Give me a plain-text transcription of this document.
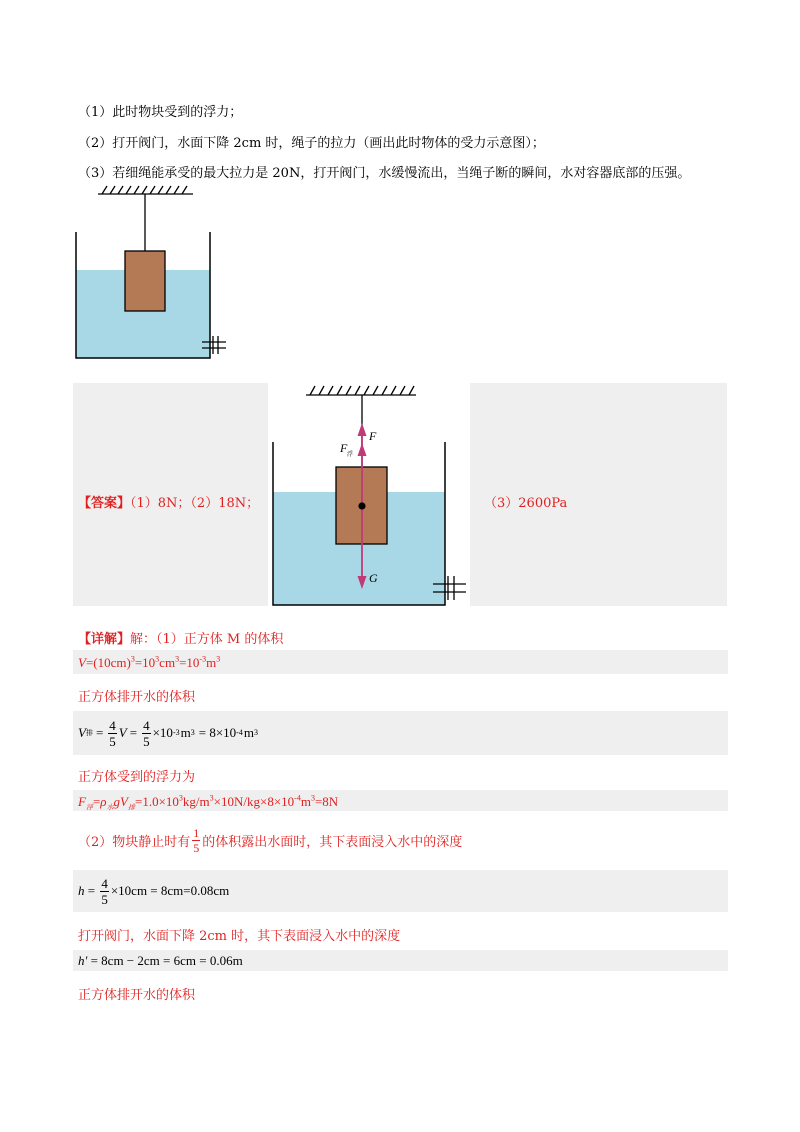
（1）此时物块受到的浮力；
（2）打开阀门，水面下降 2cm 时，绳子的拉力（画出此时物体的受力示意图）；
（3）若细绳能承受的最大拉力是 20N，打开阀门，水缓慢流出，当绳子断的瞬间，水对容器底部的压强。
【答案】（1）8N；（2）18N；	（3）2600Pa
F
F 浮
G
【详解】解：（1）正方体 M 的体积
$V=(10cm)^3=10^3cm^3=10^{-3}m^3$
正方体排开水的体积
V 排 = $\frac{4}{5}$ $V = \frac{4}{5} \times 10$ -3 m 3 = 8×10 -4 m 3
正方体受到的浮力为
$F_浮=\rho_水gV_排=1.0\times 10^3kg/m^3\times 10N/kg\times 8\times 10^{-4}m^3=8N$
（2）物块静止时有 $\frac{1}{5}$ 的体积露出水面时，其下表面浸入水中的深度
$h = \frac{4}{5} \times 10cm = 8cm=0.08cm$
打开阀门，水面下降 2cm 时，其下表面浸入水中的深度
h′ = 8cm − 2cm = 6cm = 0.06m
正方体排开水的体积
